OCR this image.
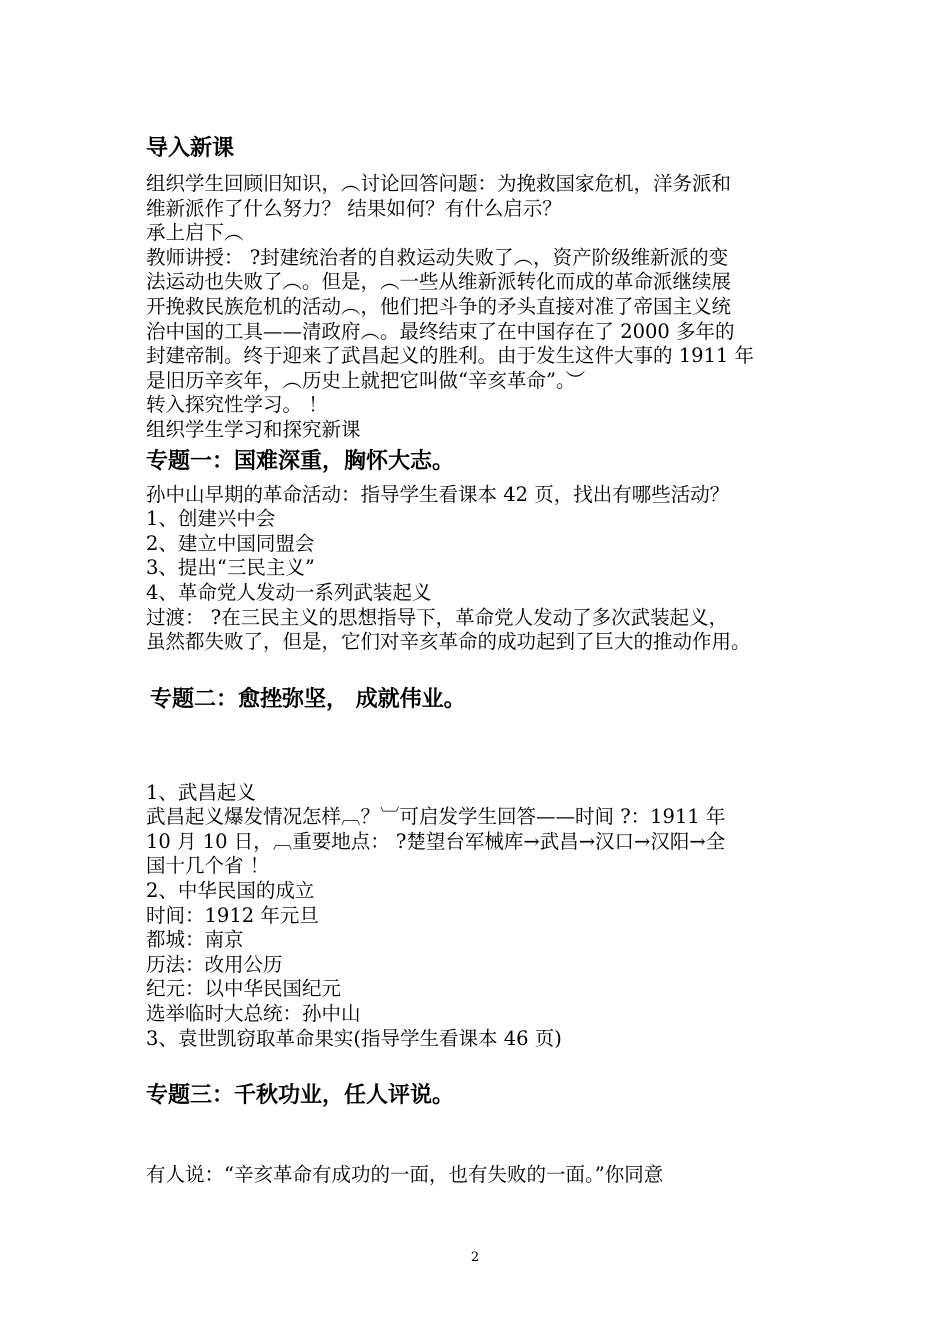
导入新课

组织学生回顾旧知识，︵讨论回答问题：为挽救国家危机，洋务派和

维新派作了什么努力？ 结果如何？有什么启示？

承上启下︵

教师讲授： ?封建统治者的自救运动失败了︵，资产阶级维新派的变

法运动也失败了︵。但是，︵一些从维新派转化而成的革命派继续展

开挽救民族危机的活动︵，他们把斗争的矛头直接对准了帝国主义统

治中国的工具——清政府︵。最终结束了在中国存在了 2000 多年的

封建帝制。终于迎来了武昌起义的胜利。由于发生这件大事的 1911 年

是旧历辛亥年，︵历史上就把它叫做“辛亥革命”。︶

转入探究性学习。 ！

组织学生学习和探究新课

专题一：国难深重，胸怀大志。

孙中山早期的革命活动：指导学生看课本 42 页，找出有哪些活动？

1、创建兴中会

2、建立中国同盟会

3、提出“三民主义”

4、革命党人发动一系列武装起义

过渡： ?在三民主义的思想指导下，革命党人发动了多次武装起义，

虽然都失败了，但是，它们对辛亥革命的成功起到了巨大的推动作用。

专题二：愈挫弥坚， 成就伟业。

1、武昌起义

武昌起义爆发情况怎样︹？︺可启发学生回答——时间 ?：1911 年

10 月 10 日，︹重要地点： ?楚望台军械库→武昌→汉口→汉阳→全

国十几个省 ！

2、中华民国的成立

时间：1912 年元旦

都城：南京

历法：改用公历

纪元：以中华民国纪元

选举临时大总统：孙中山

3、袁世凯窃取革命果实(指导学生看课本 46 页)

专题三：千秋功业，任人评说。

有人说：“辛亥革命有成功的一面，也有失败的一面。”你同意

2
